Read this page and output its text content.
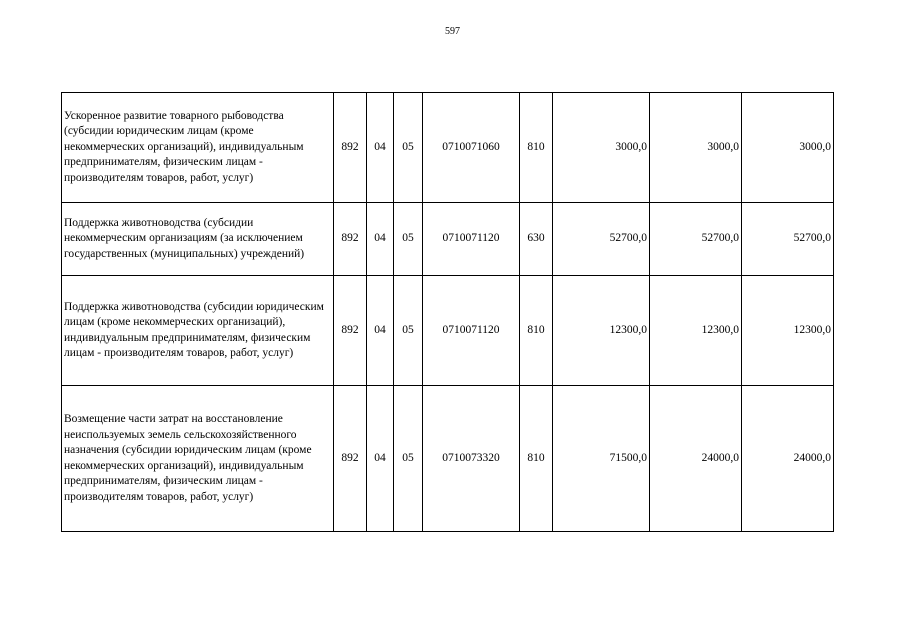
597
Ускоренное развитие товарного рыбоводства (субсидии юридическим лицам (кроме некоммерческих организаций), индивидуальным предпринимателям, физическим лицам - производителям товаров, работ, услуг)	892	04	05	0710071060	810	3000,0	3000,0	3000,0
Поддержка животноводства (субсидии некоммерческим организациям (за исключением государственных (муниципальных) учреждений)	892	04	05	0710071120	630	52700,0	52700,0	52700,0
Поддержка животноводства (субсидии юридическим лицам (кроме некоммерческих организаций), индивидуальным предпринимателям, физическим лицам - производителям товаров, работ, услуг)	892	04	05	0710071120	810	12300,0	12300,0	12300,0
Возмещение части затрат на восстановление неиспользуемых земель сельскохозяйственного назначения (субсидии юридическим лицам (кроме некоммерческих организаций), индивидуальным предпринимателям, физическим лицам - производителям товаров, работ, услуг)	892	04	05	0710073320	810	71500,0	24000,0	24000,0
